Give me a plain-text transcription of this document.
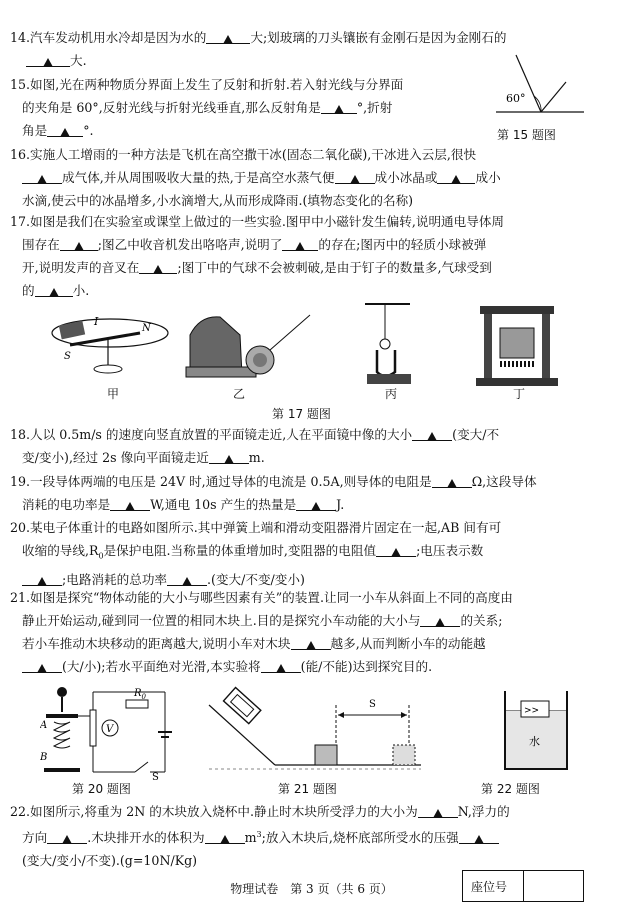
14.汽车发动机用水冷却是因为水的	大;划玻璃的刀头镶嵌有金刚石是因为金刚石的

大.

15.如图,光在两种物质分界面上发生了反射和折射.若入射光线与分界面

的夹角是 60°,反射光线与折射光线垂直,那么反射角是	°,折射

角是	°.

60°
第 15 题图

16.实施人工增雨的一种方法是飞机在高空撒干冰(固态二氧化碳),干冰进入云层,很快

成气体,并从周围吸收大量的热,于是高空水蒸气便	成小冰晶或	成小

水滴,使云中的冰晶增多,小水滴增大,从而形成降雨.(填物态变化的名称)

17.如图是我们在实验室或课堂上做过的一些实验.图甲中小磁针发生偏转,说明通电导体周

围存在	;图乙中收音机发出咯咯声,说明了	的存在;图丙中的轻质小球被弹

开,说明发声的音叉在	;图丁中的气球不会被刺破,是由于钉子的数量多,气球受到

的	小.

I
N
S
甲	乙	丙	丁
第 17 题图

18.人以 0.5m/s 的速度向竖直放置的平面镜走近,人在平面镜中像的大小	(变大/不

变/变小),经过 2s 像向平面镜走近	m.

19.一段导体两端的电压是 24V 时,通过导体的电流是 0.5A,则导体的电阻是	Ω,这段导体

消耗的电功率是	W,通电 10s 产生的热量是	J.

20.某电子体重计的电路如图所示.其中弹簧上端和滑动变阻器滑片固定在一起,AB 间有可

收缩的导线$,R_0$是保护电阻.当称量的体重增加时,变阻器的电阻值	;电压表示数

;电路消耗的总功率	.(变大/不变/变小)

21.如图是探究“物体动能的大小与哪些因素有关”的装置.让同一小车从斜面上不同的高度由

静止开始运动,碰到同一位置的相同木块上.目的是探究小车动能的大小与	的关系;

若小车推动木块移动的距离越大,说明小车对木块	越多,从而判断小车的动能越

(大/小);若水平面绝对光滑,本实验将	(能/不能)达到探究目的.

V
$R_0$
A
B
S
第 20 题图
S
第 21 题图
>>
水
第 22 题图

22.如图所示,将重为 2N 的木块放入烧杯中.静止时木块所受浮力的大小为	N,浮力的

方向	.木块排开水的体积为	$m^3$;放入木块后,烧杯底部所受水的压强

(变大/变小/不变).(g=10N/Kg)

物理试卷　第 3 页（共 6 页）	座位号
